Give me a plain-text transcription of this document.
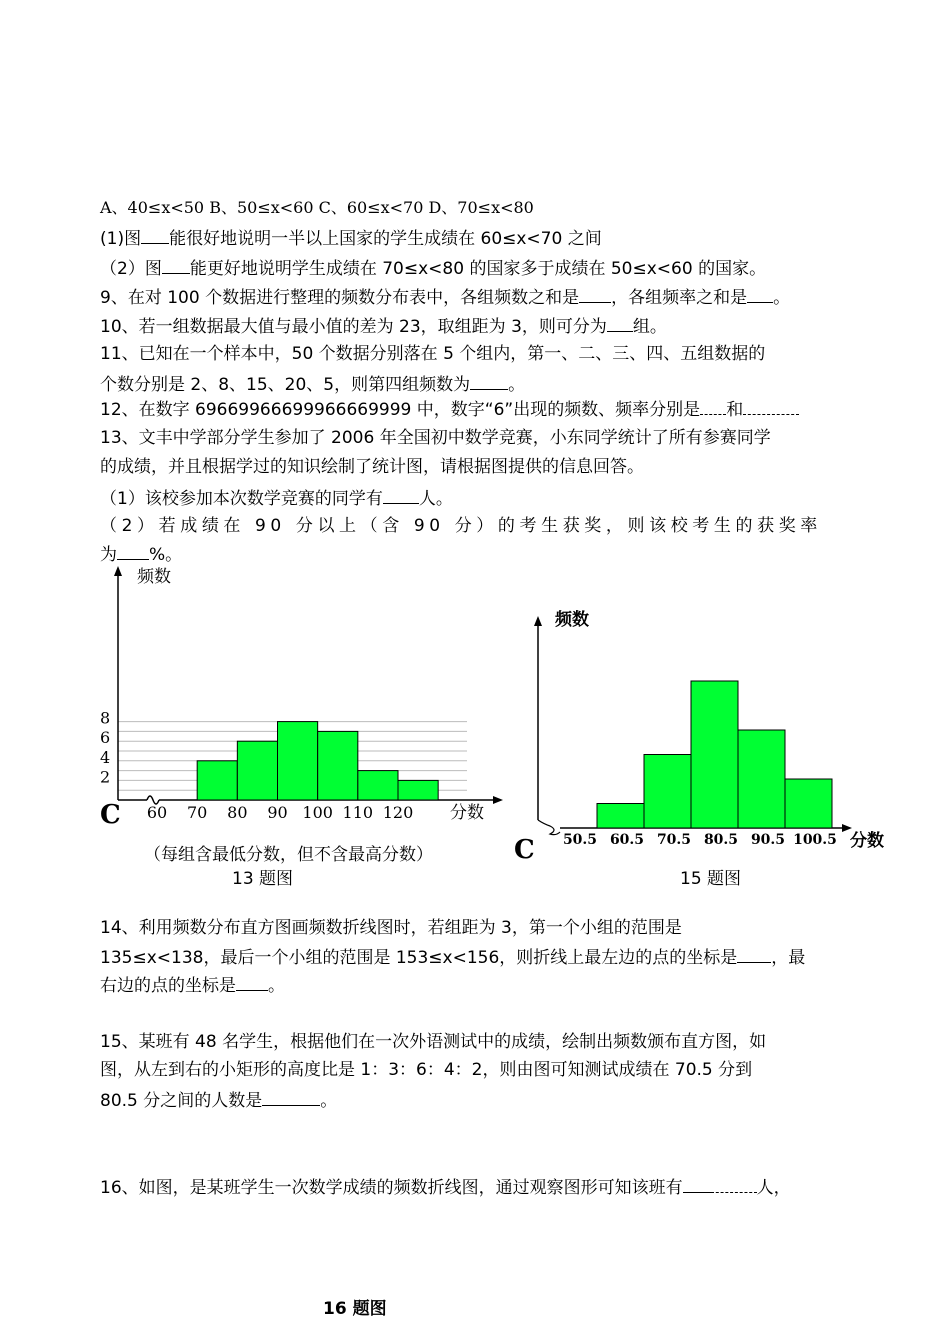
A、40≤x<50 B、50≤x<60 C、60≤x<70 D、70≤x<80
(1)图 能很好地说明一半以上国家的学生成绩在 60≤x<70 之间
（2）图 能更好地说明学生成绩在 70≤x<80 的国家多于成绩在 50≤x<60 的国家。
9、在对 100 个数据进行整理的频数分布表中，各组频数之和是 ，各组频率之和是 。
10、若一组数据最大值与最小值的差为 23，取组距为 3，则可分为 组。
11、已知在一个样本中，50 个数据分别落在 5 个组内，第一、二、三、四、五组数据的
个数分别是 2、8、15、20、5，则第四组频数为 。
12、在数字 69669966699966669999 中，数字“6”出现的频数、频率分别是 和
13、文丰中学部分学生参加了 2006 年全国初中数学竞赛，小东同学统计了所有参赛同学
的成绩，并且根据学过的知识绘制了统计图，请根据图提供的信息回答。
（1）该校参加本次数学竞赛的同学有 人。
（2）若成绩在 90 分以上（含 90 分）的考生获奖，则该校考生的获奖率
为 %。
2
4
6
8
60 70 80 90 100 110 120
频数
分数
C
（每组含最低分数，但不含最高分数）
13 题图
50.5 60.5 70.5 80.5 90.5 100.5
频数
分数
C
15 题图
14、利用频数分布直方图画频数折线图时，若组距为 3，第一个小组的范围是
135≤x<138，最后一个小组的范围是 153≤x<156，则折线上最左边的点的坐标是 ，最
右边的点的坐标是 。
15、某班有 48 名学生，根据他们在一次外语测试中的成绩，绘制出频数颁布直方图，如
图，从左到右的小矩形的高度比是 1：3：6：4：2，则由图可知测试成绩在 70.5 分到
80.5 分之间的人数是	。
16、如图，是某班学生一次数学成绩的频数折线图，通过观察图形可知该班有	人，
16 题图
